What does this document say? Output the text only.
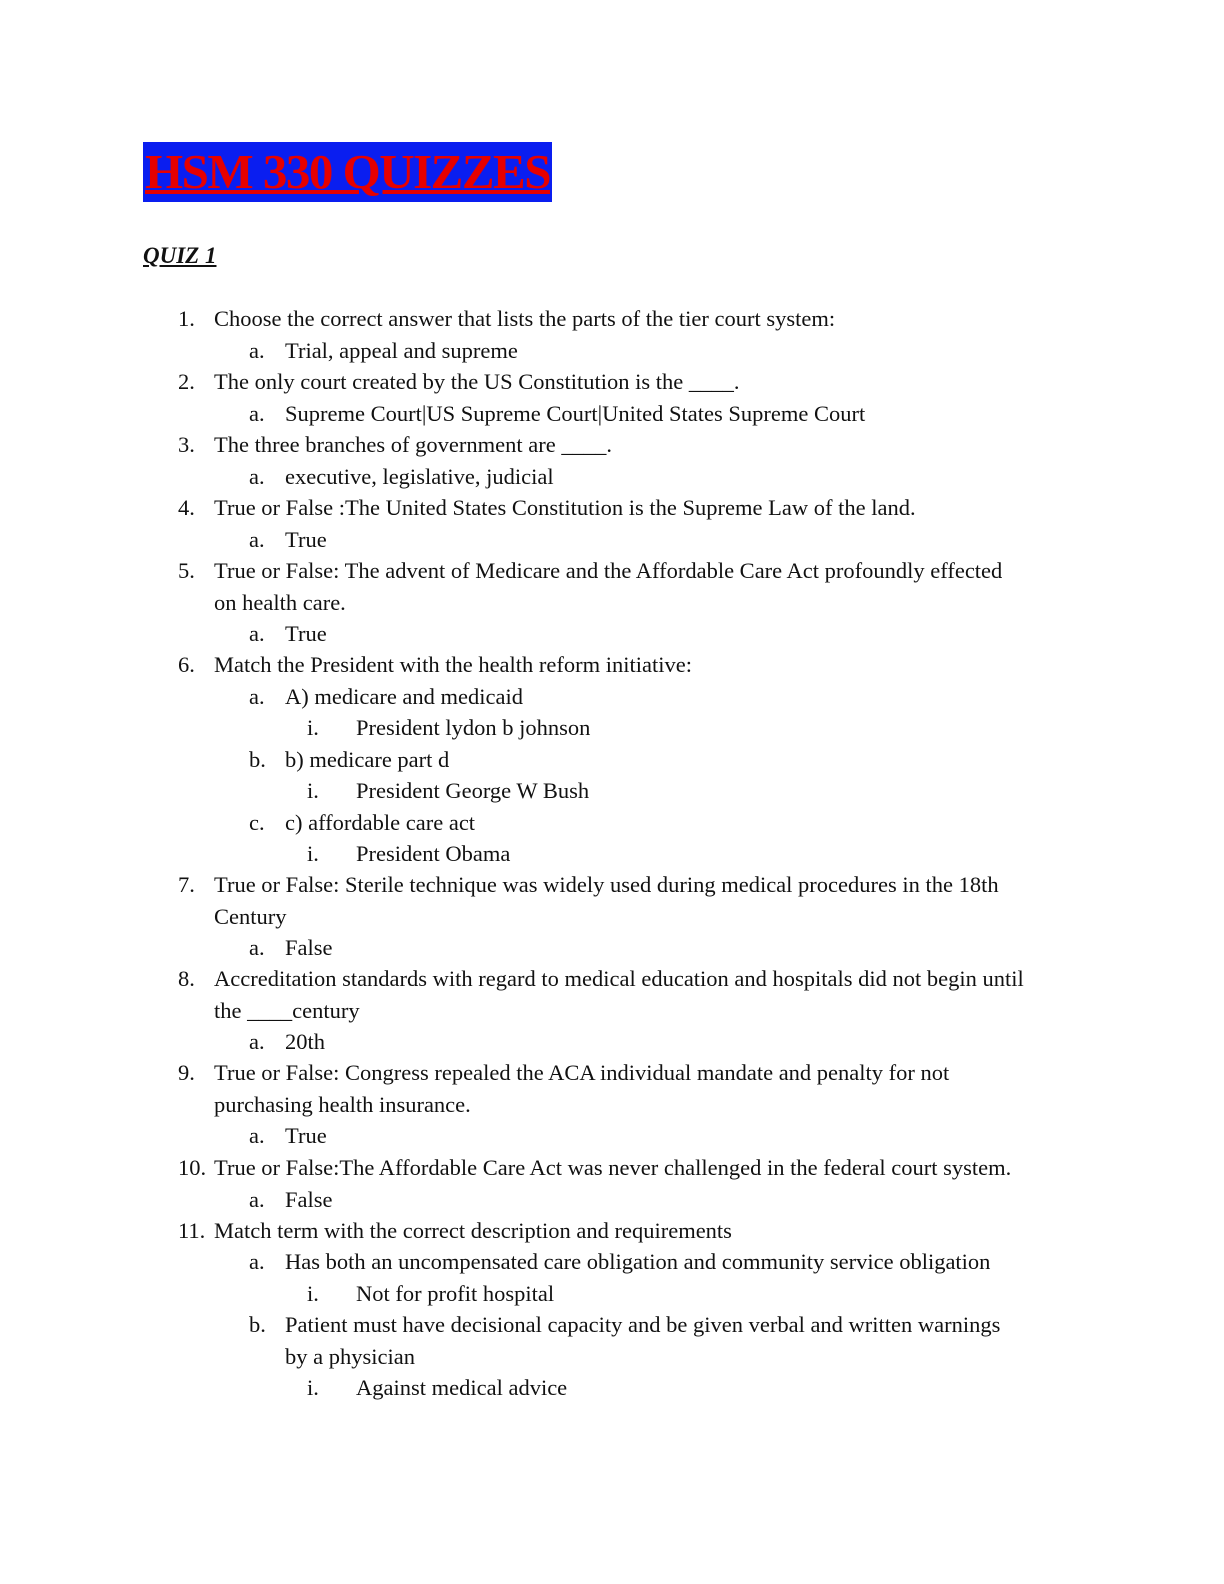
HSM 330 QUIZZES
QUIZ 1
1. Choose the correct answer that lists the parts of the tier court system:
a. Trial, appeal and supreme
2. The only court created by the US Constitution is the ____.
a. Supreme Court|US Supreme Court|United States Supreme Court
3. The three branches of government are ____.
a. executive, legislative, judicial
4. True or False :The United States Constitution is the Supreme Law of the land.
a. True
5. True or False: The advent of Medicare and the Affordable Care Act profoundly effected
on health care.
a. True
6. Match the President with the health reform initiative:
a. A) medicare and medicaid
i. President lydon b johnson
b. b) medicare part d
i. President George W Bush
c. c) affordable care act
i. President Obama
7. True or False: Sterile technique was widely used during medical procedures in the 18th
Century
a. False
8. Accreditation standards with regard to medical education and hospitals did not begin until
the ____century
a. 20th
9. True or False: Congress repealed the ACA individual mandate and penalty for not
purchasing health insurance.
a. True
10. True or False:The Affordable Care Act was never challenged in the federal court system.
a. False
11. Match term with the correct description and requirements
a. Has both an uncompensated care obligation and community service obligation
i. Not for profit hospital
b. Patient must have decisional capacity and be given verbal and written warnings
by a physician
i. Against medical advice
